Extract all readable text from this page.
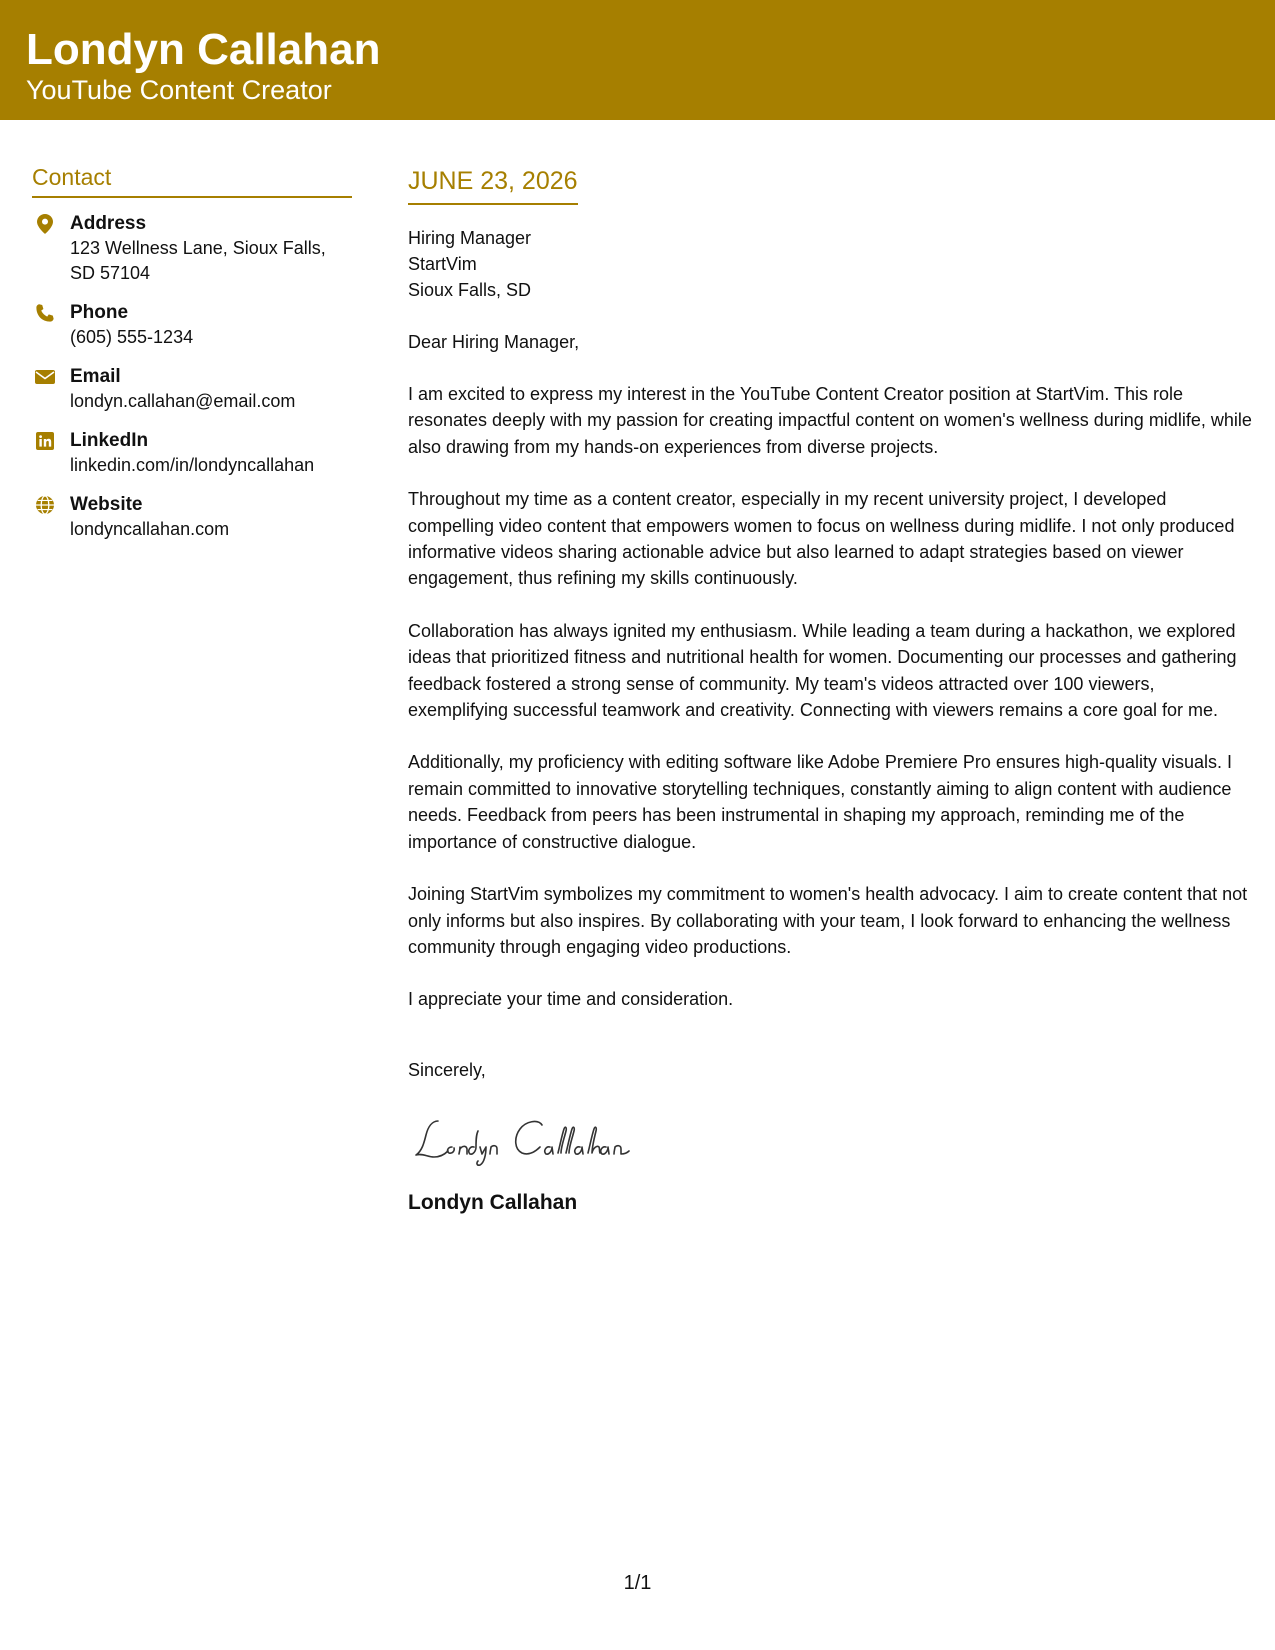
Londyn Callahan
YouTube Content Creator
Contact
Address
123 Wellness Lane, Sioux Falls, SD 57104
Phone
(605) 555-1234
Email
londyn.callahan@email.com
LinkedIn
linkedin.com/in/londyncallahan
Website
londyncallahan.com
JUNE 23, 2026
Hiring Manager
StartVim
Sioux Falls, SD
Dear Hiring Manager,
I am excited to express my interest in the YouTube Content Creator position at StartVim. This role resonates deeply with my passion for creating impactful content on women's wellness during midlife, while also drawing from my hands-on experiences from diverse projects.
Throughout my time as a content creator, especially in my recent university project, I developed compelling video content that empowers women to focus on wellness during midlife. I not only produced informative videos sharing actionable advice but also learned to adapt strategies based on viewer engagement, thus refining my skills continuously.
Collaboration has always ignited my enthusiasm. While leading a team during a hackathon, we explored ideas that prioritized fitness and nutritional health for women. Documenting our processes and gathering feedback fostered a strong sense of community. My team's videos attracted over 100 viewers, exemplifying successful teamwork and creativity. Connecting with viewers remains a core goal for me.
Additionally, my proficiency with editing software like Adobe Premiere Pro ensures high-quality visuals. I remain committed to innovative storytelling techniques, constantly aiming to align content with audience needs. Feedback from peers has been instrumental in shaping my approach, reminding me of the importance of constructive dialogue.
Joining StartVim symbolizes my commitment to women's health advocacy. I aim to create content that not only informs but also inspires. By collaborating with your team, I look forward to enhancing the wellness community through engaging video productions.
I appreciate your time and consideration.
Sincerely,
Londyn Callahan
1/1
